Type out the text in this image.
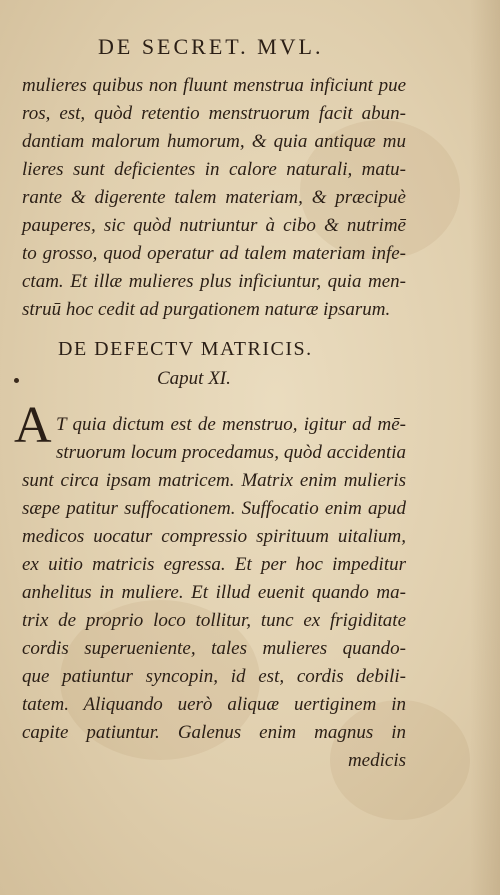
DE SECRET. MVL.
mulieres quibus non fluunt menstrua inficiunt pue
ros, est, quòd retentio menstruorum facit abun-
dantiam malorum humorum, & quia antiquæ mu
lieres sunt deficientes in calore naturali, matu-
rante & digerente talem materiam, & præcipuè
pauperes, sic quòd nutriuntur à cibo & nutrimē
to grosso, quod operatur ad talem materiam infe-
ctam. Et illæ mulieres plus inficiuntur, quia men-
struū hoc cedit ad purgationem naturæ ipsarum.
DE DEFECTV MATRICIS.
Caput XI.
A T quia dictum est de menstruo, igitur ad mē-
struorum locum procedamus, quòd accidentia
sunt circa ipsam matricem. Matrix enim mulieris
sæpe patitur suffocationem. Suffocatio enim apud
medicos uocatur compressio spirituum uitalium,
ex uitio matricis egressa. Et per hoc impeditur
anhelitus in muliere. Et illud euenit quando ma-
trix de proprio loco tollitur, tunc ex frigiditate
cordis superueniente, tales mulieres quando-
que patiuntur syncopin, id est, cordis debili-
tatem. Aliquando uerò aliquæ uertiginem in
capite patiuntur. Galenus enim magnus in
medicis
